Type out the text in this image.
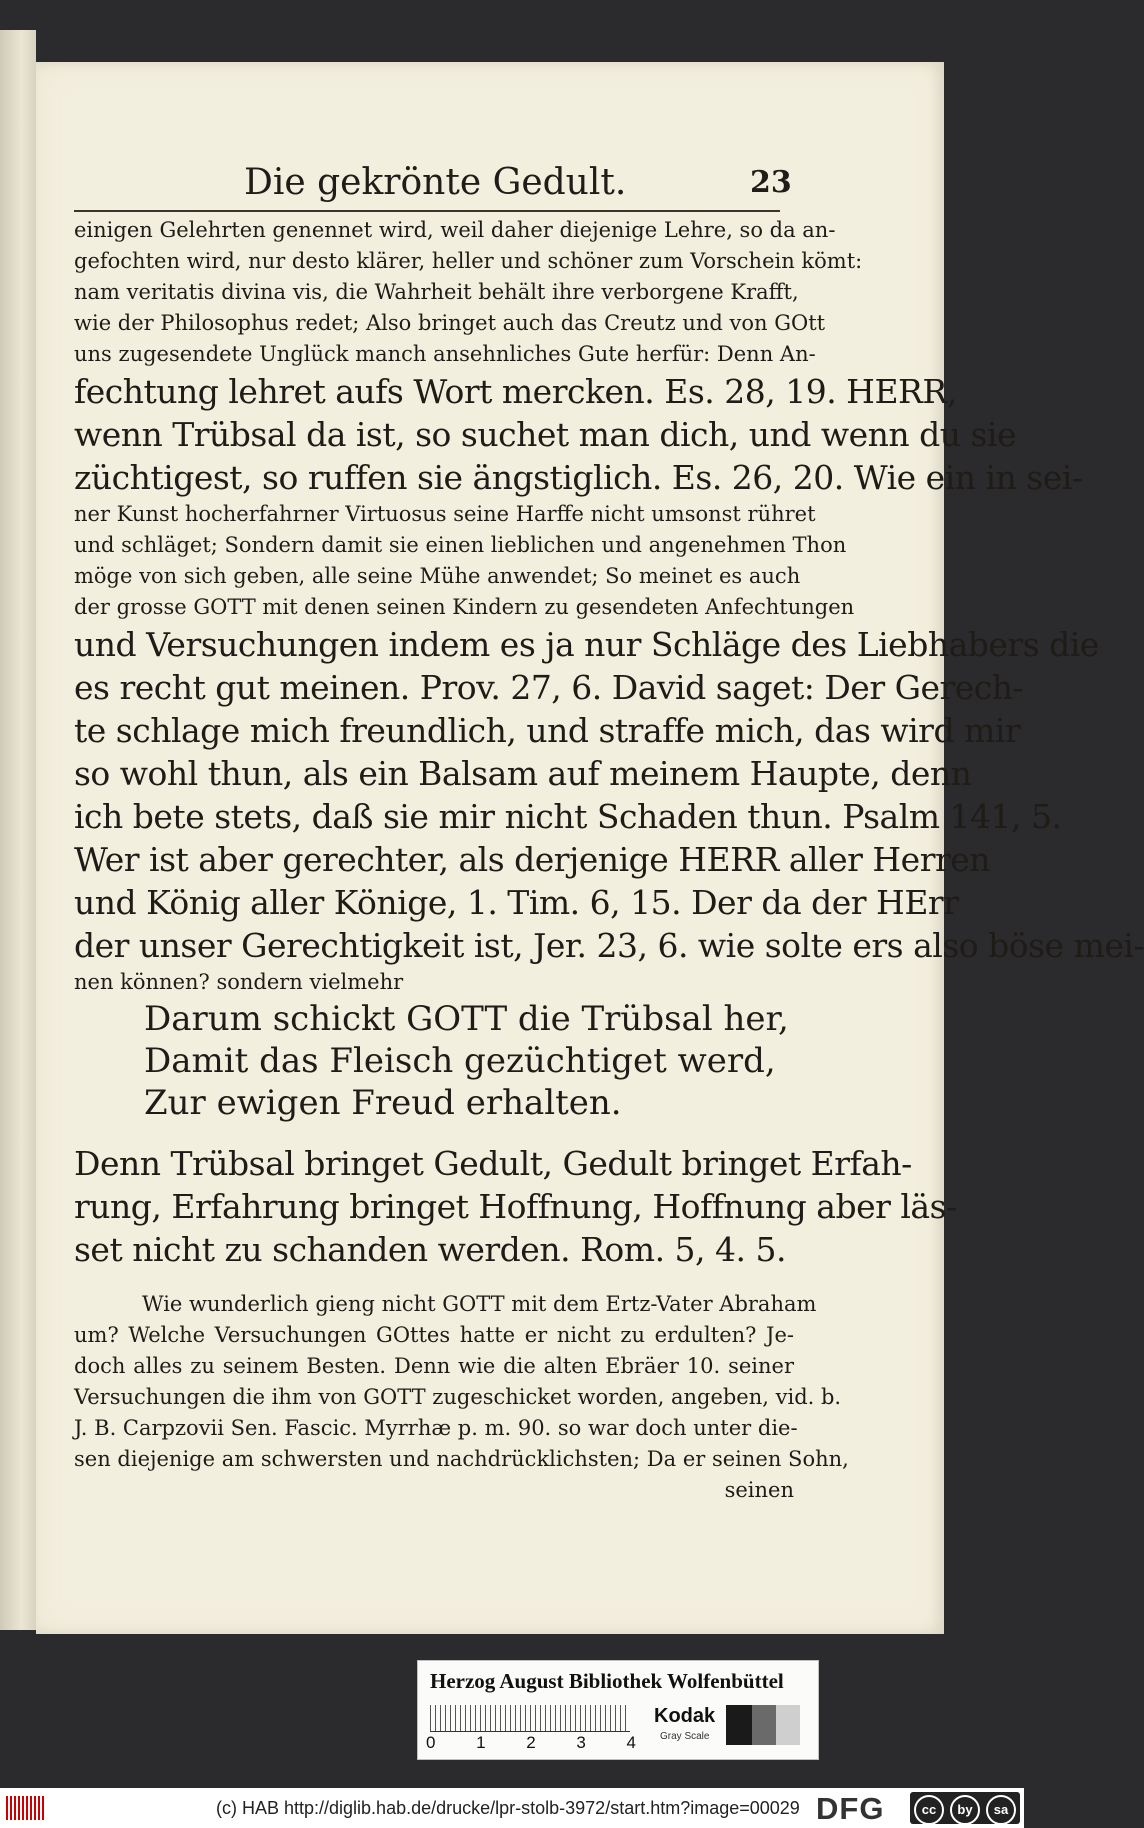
Die gekrönte Gedult.	23
einigen Gelehrten genennet wird, weil daher diejenige Lehre, so da an-
gefochten wird, nur desto klärer, heller und schöner zum Vorschein kömt:
nam veritatis divina vis, die Wahrheit behält ihre verborgene Krafft,
wie der Philosophus redet; Also bringet auch das Creutz und von GOtt
uns zugesendete Unglück manch ansehnliches Gute herfür: Denn An-
fechtung lehret aufs Wort mercken. Es. 28, 19. HERR,
wenn Trübsal da ist, so suchet man dich, und wenn du sie
züchtigest, so ruffen sie ängstiglich. Es. 26, 20. Wie ein in sei-
ner Kunst hocherfahrner Virtuosus seine Harffe nicht umsonst rühret
und schläget; Sondern damit sie einen lieblichen und angenehmen Thon
möge von sich geben, alle seine Mühe anwendet; So meinet es auch
der grosse GOTT mit denen seinen Kindern zu gesendeten Anfechtungen
und Versuchungen indem es ja nur Schläge des Liebhabers die
es recht gut meinen. Prov. 27, 6. David saget: Der Gerech-
te schlage mich freundlich, und straffe mich, das wird mir
so wohl thun, als ein Balsam auf meinem Haupte, denn
ich bete stets, daß sie mir nicht Schaden thun. Psalm 141, 5.
Wer ist aber gerechter, als derjenige HERR aller Herren
und König aller Könige, 1. Tim. 6, 15. Der da der HErr
der unser Gerechtigkeit ist, Jer. 23, 6. wie solte ers also böse mei-
nen können? sondern vielmehr
Darum schickt GOTT die Trübsal her,
Damit das Fleisch gezüchtiget werd,
Zur ewigen Freud erhalten.
Denn Trübsal bringet Gedult, Gedult bringet Erfah-
rung, Erfahrung bringet Hoffnung, Hoffnung aber läs-
set nicht zu schanden werden. Rom. 5, 4. 5.
Wie wunderlich gieng nicht GOTT mit dem Ertz-Vater Abraham
um? Welche Versuchungen GOttes hatte er nicht zu erdulten? Je-
doch alles zu seinem Besten. Denn wie die alten Ebräer 10. seiner
Versuchungen die ihm von GOTT zugeschicket worden, angeben, vid. b.
J. B. Carpzovii Sen. Fascic. Myrrhæ p. m. 90. so war doch unter die-
sen diejenige am schwersten und nachdrücklichsten; Da er seinen Sohn,
seinen
Herzog August Bibliothek Wolfenbüttel
0 1 2 3 4
Kodak
Gray Scale
(c) HAB http://diglib.hab.de/drucke/lpr-stolb-3972/start.htm?image=00029 DFG	cc	by	sa
